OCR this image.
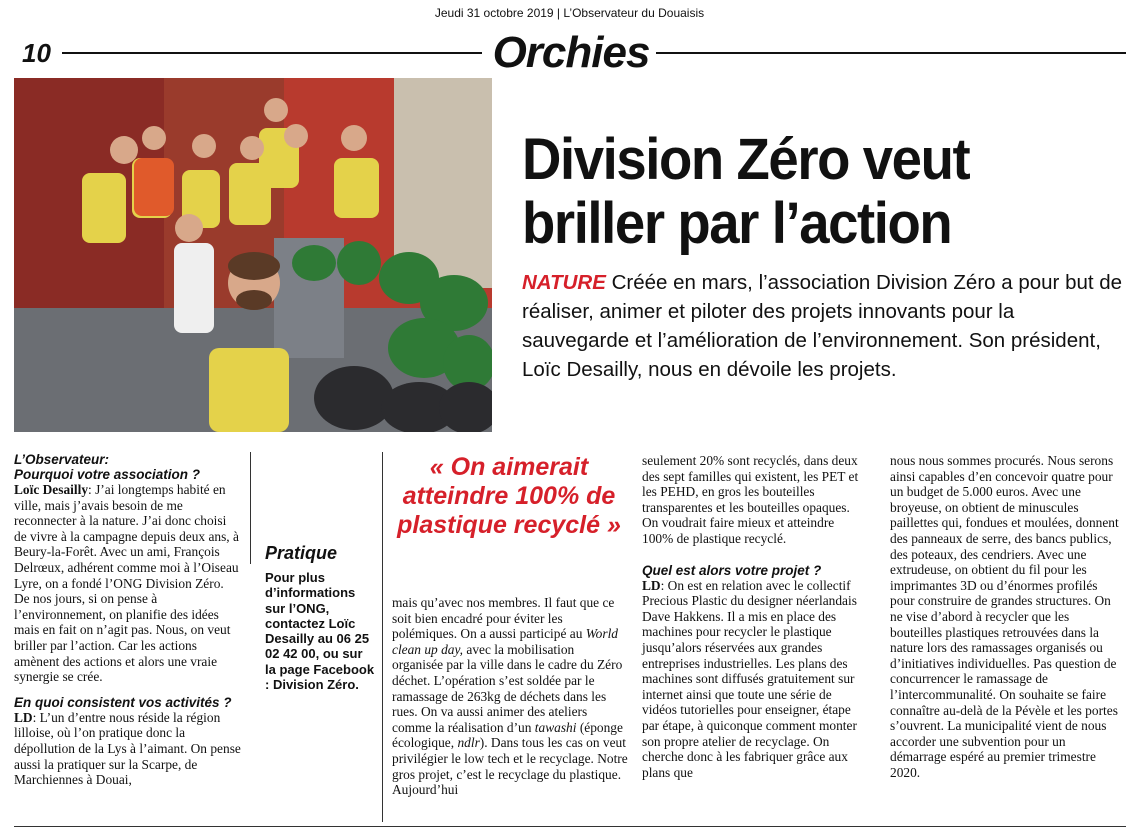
Jeudi 31 octobre 2019 | L’Observateur du Douaisis
10	Orchies
Division Zéro veut briller par l’action
NATURE Créée en mars, l’association Division Zéro a pour but de réaliser, animer et piloter des projets innovants pour la sauvegarde et l’amélioration de l’environnement. Son président, Loïc Desailly, nous en dévoile les projets.
L’Observateur:
Pourquoi votre association ?

Loïc Desailly: J’ai longtemps habité en ville, mais j’avais besoin de me reconnecter à la nature. J’ai donc choisi de vivre à la campagne depuis deux ans, à Beury-la-Forêt. Avec un ami, François Delrœux, adhérent comme moi à l’Oiseau Lyre, on a fondé l’ONG Division Zéro. De nos jours, si on pense à l’environnement, on planifie des idées mais en fait on n’agit pas. Nous, on veut briller par l’action. Car les actions amènent des actions et alors une vraie synergie se crée.

En quoi consistent vos activités ?

LD: L’un d’entre nous réside la région lilloise, où l’on pratique donc la dépollution de la Lys à l’aimant. On pense aussi la pratiquer sur la Scarpe, de Marchiennes à Douai,

Pratique
Pour plus d’informations sur l’ONG, contactez Loïc Desailly au 06 25 02 42 00, ou sur la page Facebook : Division Zéro.
« On aimerait atteindre 100% de plastique recyclé »

mais qu’avec nos membres. Il faut que ce soit bien encadré pour éviter les polémiques. On a aussi participé au World clean up day, avec la mobilisation organisée par la ville dans le cadre du Zéro déchet. L’opération s’est soldée par le ramassage de 263kg de déchets dans les rues. On va aussi animer des ateliers comme la réalisation d’un tawashi (éponge écologique, ndlr). Dans tous les cas on veut privilégier le low tech et le recyclage. Notre gros projet, c’est le recyclage du plastique. Aujourd’hui

seulement 20% sont recyclés, dans deux des sept familles qui existent, les PET et les PEHD, en gros les bouteilles transparentes et les bouteilles opaques. On voudrait faire mieux et atteindre 100% de plastique recyclé.

Quel est alors votre projet ?

LD: On est en relation avec le collectif Precious Plastic du designer néerlandais Dave Hakkens. Il a mis en place des machines pour recycler le plastique jusqu’alors réservées aux grandes entreprises industrielles. Les plans des machines sont diffusés gratuitement sur internet ainsi que toute une série de vidéos tutorielles pour enseigner, étape par étape, à quiconque comment monter son propre atelier de recyclage. On cherche donc à les fabriquer grâce aux plans que

nous nous sommes procurés. Nous serons ainsi capables d’en concevoir quatre pour un budget de 5.000 euros. Avec une broyeuse, on obtient de minuscules paillettes qui, fondues et moulées, donnent des panneaux de serre, des bancs publics, des poteaux, des cendriers. Avec une extrudeuse, on obtient du fil pour les imprimantes 3D ou d’énormes profilés pour construire de grandes structures. On ne vise d’abord à recycler que les bouteilles plastiques retrouvées dans la nature lors des ramassages organisés ou d’initiatives individuelles. Pas question de concurrencer le ramassage de l’intercommunalité. On souhaite se faire connaître au-delà de la Pévèle et les portes s’ouvrent. La municipalité vient de nous accorder une subvention pour un démarrage espéré au premier trimestre 2020.
